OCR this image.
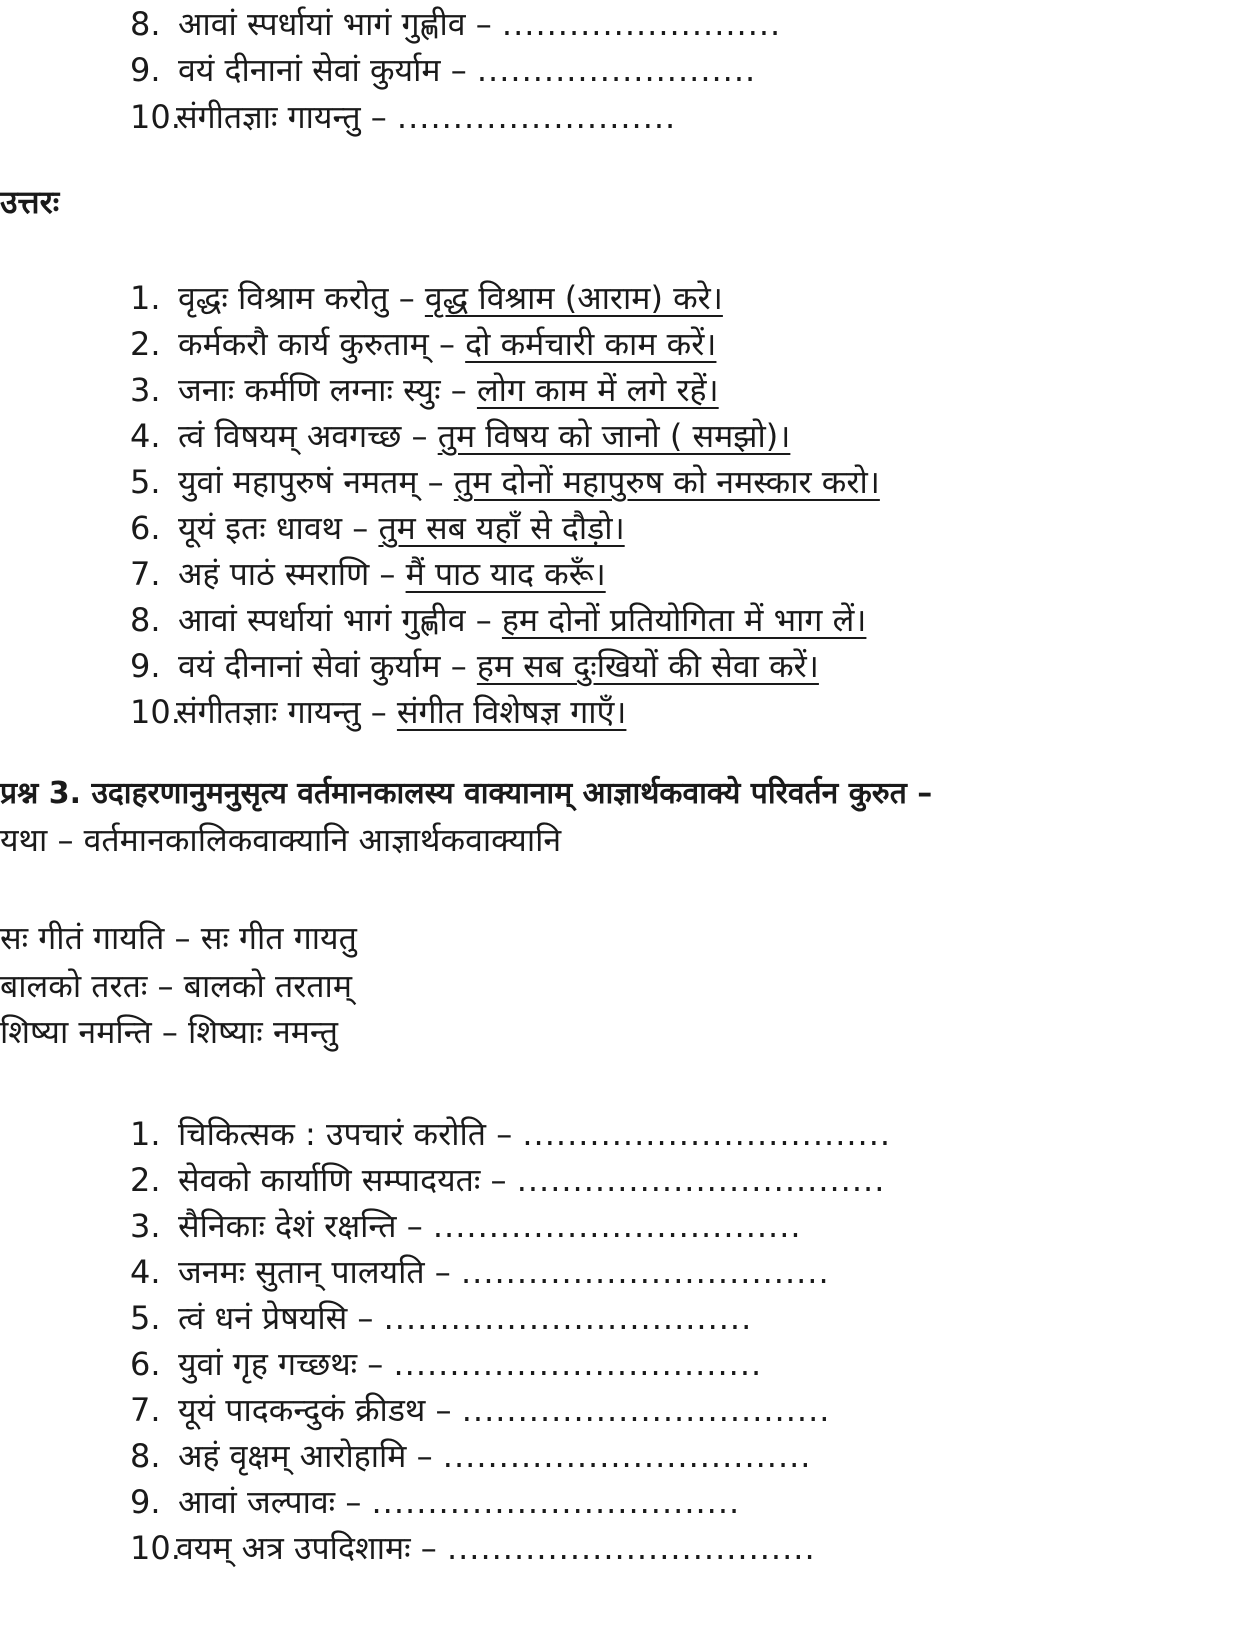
8. आवां स्पर्धायां भागं गुह्णीव – .........................
9. वयं दीनानां सेवां कुर्याम – .........................
10.संगीतज्ञाः गायन्तु – .........................
उत्तरः
1. वृद्धः विश्राम करोतु – वृद्ध विश्राम (आराम) करे।
2. कर्मकरौ कार्य कुरुताम् – दो कर्मचारी काम करें।
3. जनाः कर्मणि लग्नाः स्युः – लोग काम में लगे रहें।
4. त्वं विषयम् अवगच्छ – तुम विषय को जानो ( समझो)।
5. युवां महापुरुषं नमतम् – तुम दोनों महापुरुष को नमस्कार करो।
6. यूयं इतः धावथ – तुम सब यहाँ से दौड़ो।
7. अहं पाठं स्मराणि – मैं पाठ याद करूँ।
8. आवां स्पर्धायां भागं गुह्णीव – हम दोनों प्रतियोगिता में भाग लें।
9. वयं दीनानां सेवां कुर्याम – हम सब दुःखियों की सेवा करें।
10.संगीतज्ञाः गायन्तु – संगीत विशेषज्ञ गाएँ।
प्रश्न 3. उदाहरणानुमनुसृत्य वर्तमानकालस्य वाक्यानाम् आज्ञार्थकवाक्ये परिवर्तन कुरुत –
यथा – वर्तमानकालिकवाक्यानि आज्ञार्थकवाक्यानि
सः गीतं गायति – सः गीत गायतु
बालको तरतः – बालको तरताम्
शिष्या नमन्ति – शिष्याः नमन्तु
1. चिकित्सक : उपचारं करोति – .................................
2. सेवको कार्याणि सम्पादयतः – .................................
3. सैनिकाः देशं रक्षन्ति – .................................
4. जनमः सुतान् पालयति – .................................
5. त्वं धनं प्रेषयसि – .................................
6. युवां गृह गच्छथः – .................................
7. यूयं पादकन्दुकं क्रीडथ – .................................
8. अहं वृक्षम् आरोहामि – .................................
9. आवां जल्पावः – .................................
10.वयम् अत्र उपदिशामः – .................................
